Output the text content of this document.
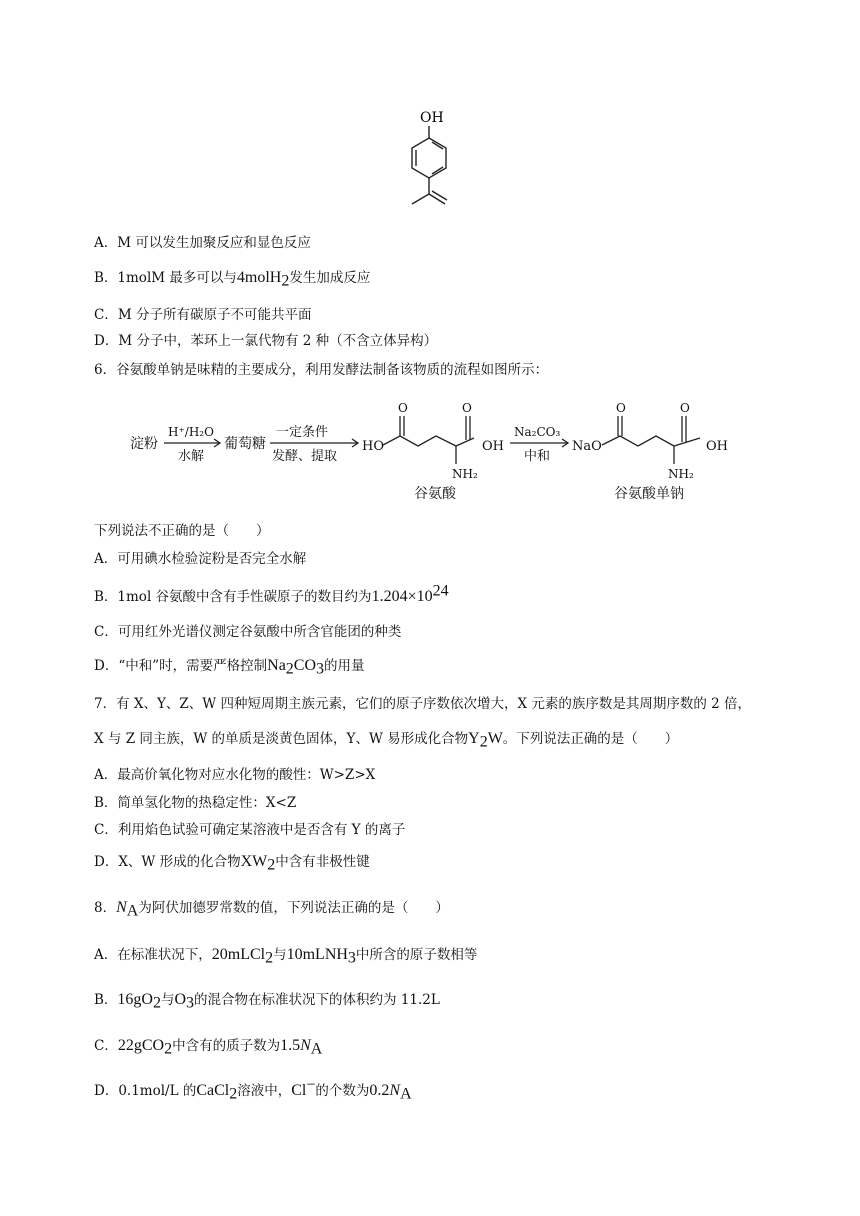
OH
A．M 可以发生加聚反应和显色反应
B．1molM 最多可以与4molH$_2$发生加成反应
C．M 分子所有碳原子不可能共平面
D．M 分子中，苯环上一氯代物有 2 种（不含立体异构）
6．谷氨酸单钠是味精的主要成分，利用发酵法制备该物质的流程如图所示：
淀粉
H⁺/H₂O
水解
葡萄糖
一定条件
发酵、提取
HO	OH
O	O
NH₂
谷氨酸
Na₂CO₃
中和
NaO	OH
O	O
NH₂
谷氨酸单钠
下列说法不正确的是（　　）
A．可用碘水检验淀粉是否完全水解
B．1mol 谷氨酸中含有手性碳原子的数目约为$1.204\times 10^{24}$
C．可用红外光谱仪测定谷氨酸中所含官能团的种类
D．“中和”时，需要严格控制$Na_2CO_3$的用量
7．有 X、Y、Z、W 四种短周期主族元素，它们的原子序数依次增大，X 元素的族序数是其周期序数的 2 倍，
X 与 Z 同主族，W 的单质是淡黄色固体，Y、W 易形成化合物$Y_2W$。下列说法正确的是（　　）
A．最高价氧化物对应水化物的酸性：W>Z>X
B．简单氢化物的热稳定性：X<Z
C．利用焰色试验可确定某溶液中是否含有 Y 的离子
D．X、W 形成的化合物$XW_2$中含有非极性键
8．$N_A$为阿伏加德罗常数的值，下列说法正确的是（　　）
A．在标准状况下，20mLCl$_2$与10mLNH$_3$中所含的原子数相等
B．$16gO_2$与$O_3$的混合物在标准状况下的体积约为 11.2L
C．22gCO$_2$中含有的质子数为$1.5N_A$
D．0.1mol/L 的CaCl$_2$溶液中，Cl−的个数为$0.2N_A$
